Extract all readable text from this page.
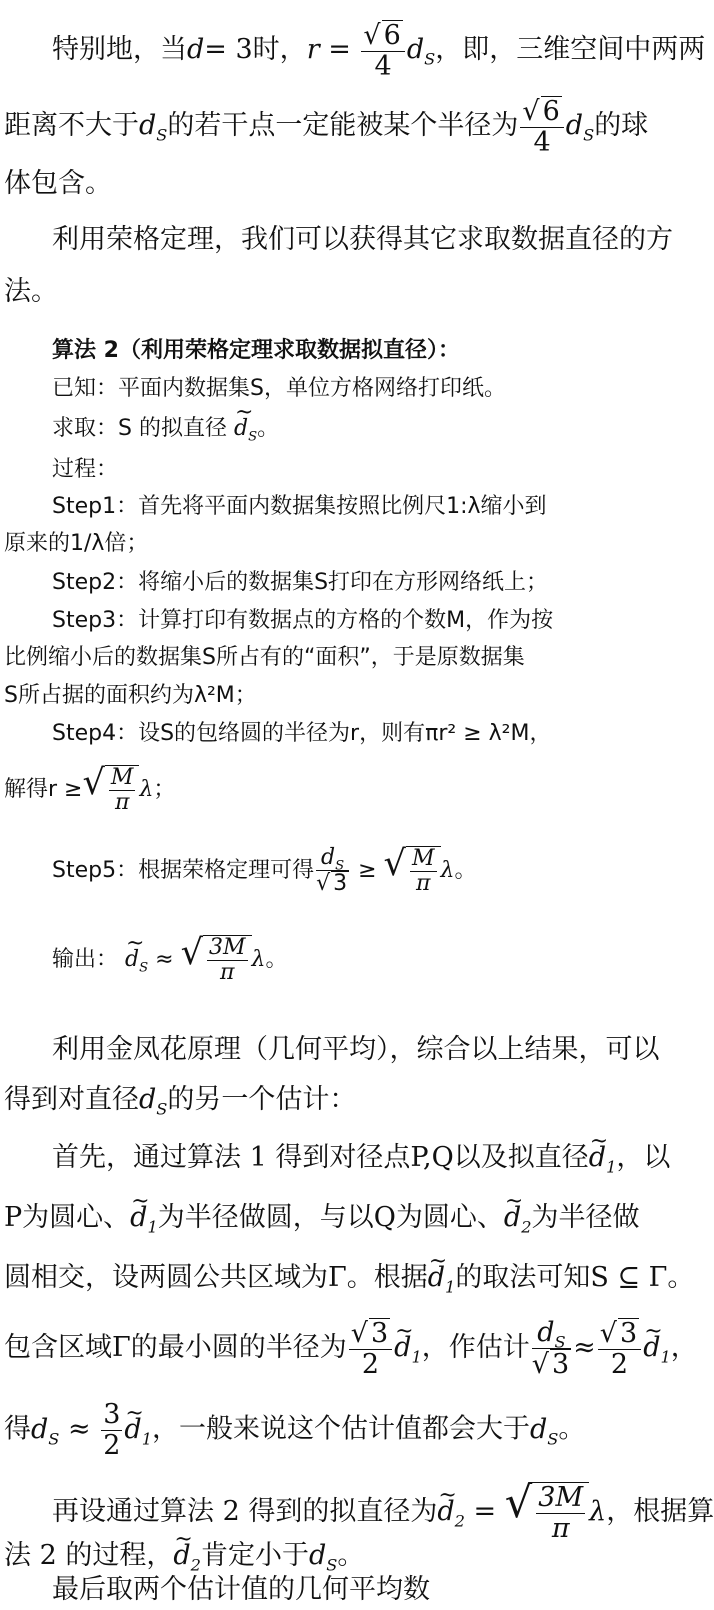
特别地，当d= 3时，$r = \frac{√ 6}{4} d_S$，即，三维空间中两两
距离不大于$d_S$的若干点一定能被某个半径为 $\frac{√ 6}{4} d_S$的球
体包含。
利用荣格定理，我们可以获得其它求取数据直径的方
法。
算法 2（利用荣格定理求取数据拟直径）：
已知：平面内数据集S，单位方格网络打印纸。
求取：S 的拟直径 ~ $d_S$。
过程：
Step1：首先将平面内数据集按照比例尺1:λ缩小到
原来的1/λ倍；
Step2：将缩小后的数据集S打印在方形网络纸上；
Step3：计算打印有数据点的方格的个数M，作为按
比例缩小后的数据集S所占有的“面积”，于是原数据集
S所占据的面积约为λ²M；
Step4：设S的包络圆的半径为r，则有πr² ≥ λ²M，
解得r ≥ √ $\frac{M}{\pi}$ λ；
Step5：根据荣格定理可得 $\frac{d_S}{√ 3}$ ≥ √ $\frac{M}{\pi}$ λ。
输出： ~ $d_S$ ≈ √ $\frac{3M}{\pi}$ λ。
利用金凤花原理（几何平均），综合以上结果，可以
得到对直径$d_S$的另一个估计：
首先，通过算法 1 得到对径点P,Q以及拟直径~ $d_1$，以
P为圆心、~ $d_1$为半径做圆，与以Q为圆心、~ $d_2$为半径做
圆相交，设两圆公共区域为Γ。根据~ $d_1$的取法可知S ⊆ Γ。
包含区域Γ的最小圆的半径为 $\frac{√ 3}{2}$ ~ $d_1$，作估计 $\frac{d_S}{√ 3} \approx \frac{√ 3}{2}$ ~ $d_1$，
得$d_S \approx \frac{3}{2}$ ~ $d_1$，一般来说这个估计值都会大于$d_S$。
再设通过算法 2 得到的拟直径为~ $d_2$ = √ $\frac{3M}{\pi}$ λ，根据算
法 2 的过程，~ $d_2$肯定小于$d_S$。
最后取两个估计值的几何平均数
